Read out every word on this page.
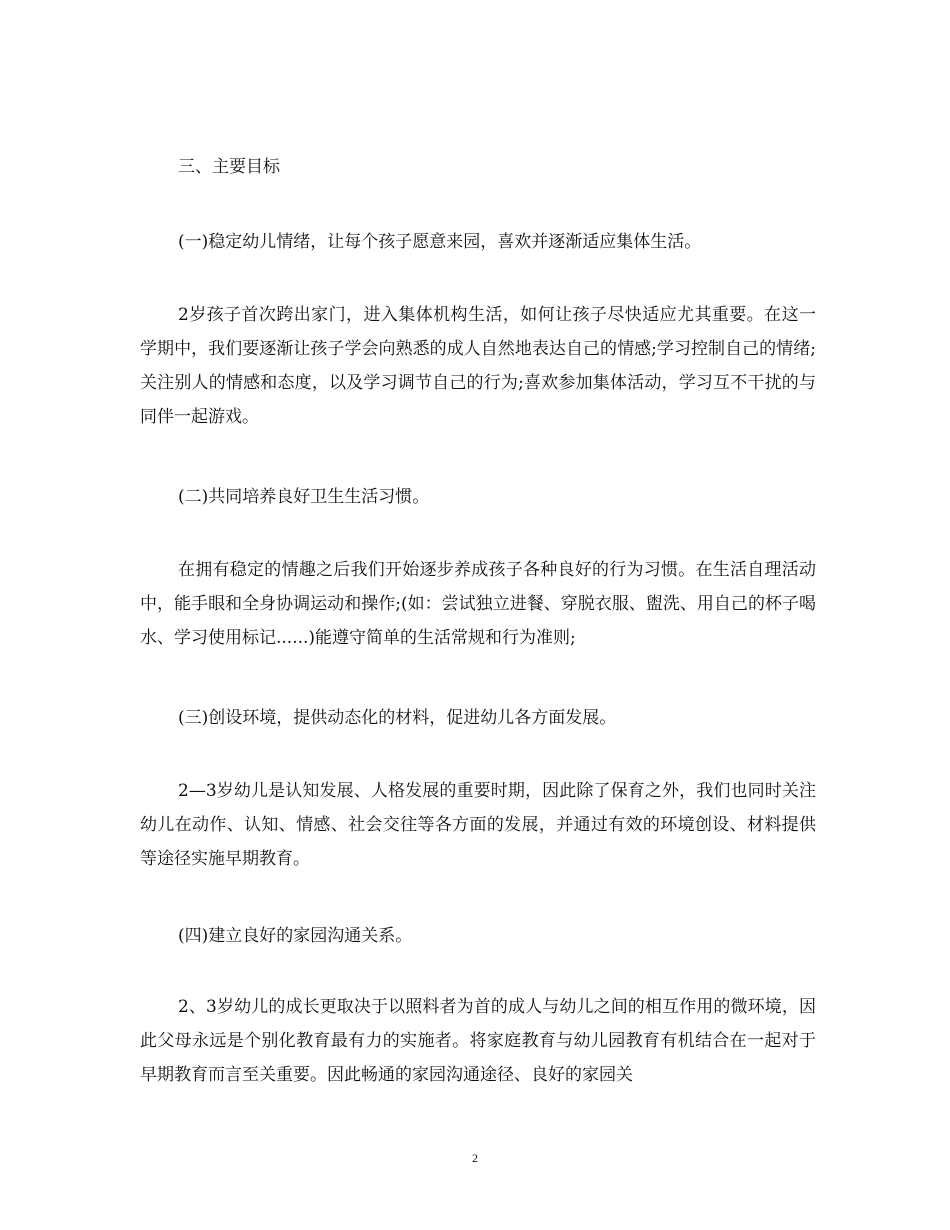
三、主要目标

(一)稳定幼儿情绪，让每个孩子愿意来园，喜欢并逐渐适应集体生活。

2岁孩子首次跨出家门，进入集体机构生活，如何让孩子尽快适应尤其重要。在这一学期中，我们要逐渐让孩子学会向熟悉的成人自然地表达自己的情感;学习控制自己的情绪;关注别人的情感和态度，以及学习调节自己的行为;喜欢参加集体活动，学习互不干扰的与同伴一起游戏。

(二)共同培养良好卫生生活习惯。

在拥有稳定的情趣之后我们开始逐步养成孩子各种良好的行为习惯。在生活自理活动中，能手眼和全身协调运动和操作;(如：尝试独立进餐、穿脱衣服、盥洗、用自己的杯子喝水、学习使用标记......)能遵守简单的生活常规和行为准则;

(三)创设环境，提供动态化的材料，促进幼儿各方面发展。

2—3岁幼儿是认知发展、人格发展的重要时期，因此除了保育之外，我们也同时关注幼儿在动作、认知、情感、社会交往等各方面的发展，并通过有效的环境创设、材料提供等途径实施早期教育。

(四)建立良好的家园沟通关系。

2、3岁幼儿的成长更取决于以照料者为首的成人与幼儿之间的相互作用的微环境，因此父母永远是个别化教育最有力的实施者。将家庭教育与幼儿园教育有机结合在一起对于早期教育而言至关重要。因此畅通的家园沟通途径、良好的家园关

2
